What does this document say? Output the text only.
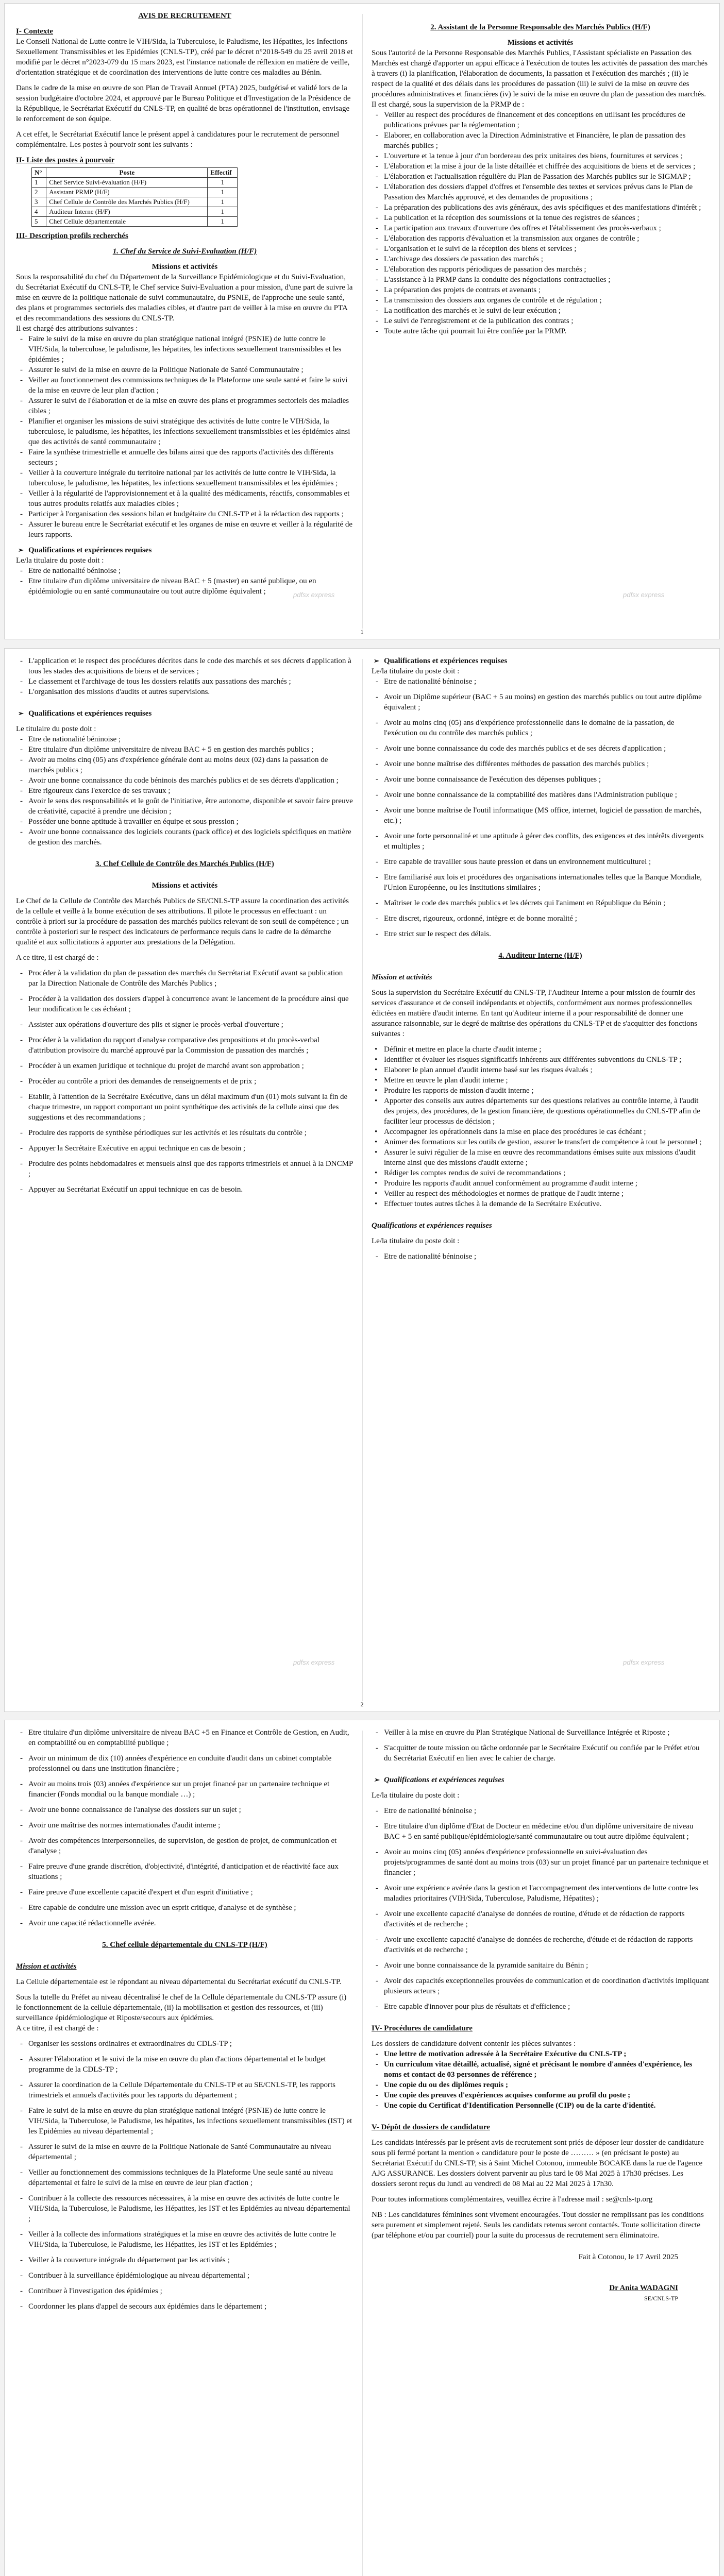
AVIS DE RECRUTEMENT

I- Contexte

Le Conseil National de Lutte contre le VIH/Sida, la Tuberculose, le Paludisme, les Hépatites, les Infections Sexuellement Transmissibles et les Epidémies (CNLS-TP), créé par le décret n°2018-549 du 25 avril 2018 et modifié par le décret n°2023-079 du 15 mars 2023, est l'instance nationale de réflexion en matière de veille, d'orientation stratégique et de coordination des interventions de lutte contre ces maladies au Bénin.

Dans le cadre de la mise en œuvre de son Plan de Travail Annuel (PTA) 2025, budgétisé et validé lors de la session budgétaire d'octobre 2024, et approuvé par le Bureau Politique et d'Investigation de la Présidence de la République, le Secrétariat Exécutif du CNLS-TP, en qualité de bras opérationnel de l'institution, envisage le renforcement de son équipe.

A cet effet, le Secrétariat Exécutif lance le présent appel à candidatures pour le recrutement de personnel complémentaire. Les postes à pourvoir sont les suivants :

II- Liste des postes à pourvoir

N°	Poste	Effectif
1	Chef Service Suivi-évaluation (H/F)	1
2	Assistant PRMP (H/F)	1
3	Chef Cellule de Contrôle des Marchés Publics (H/F)	1
4	Auditeur Interne (H/F)	1
5	Chef Cellule départementale	1

III- Description profils recherchés

1. Chef du Service de Suivi-Evaluation (H/F)

Missions et activités

Sous la responsabilité du chef du Département de la Surveillance Epidémiologique et du Suivi-Evaluation, du Secrétariat Exécutif du CNLS-TP, le Chef service Suivi-Evaluation a pour mission, d'une part de suivre la mise en œuvre de la politique nationale de suivi communautaire, du PSNIE, de l'approche une seule santé, des plans et programmes sectoriels des maladies cibles, et d'autre part de veiller à la mise en œuvre du PTA et des recommandations des sessions du CNLS-TP.

Il est chargé des attributions suivantes :

- Faire le suivi de la mise en œuvre du plan stratégique national intégré (PSNIE) de lutte contre le VIH/Sida, la tuberculose, le paludisme, les hépatites, les infections sexuellement transmissibles et les épidémies ;

- Assurer le suivi de la mise en œuvre de la Politique Nationale de Santé Communautaire ;

- Veiller au fonctionnement des commissions techniques de la Plateforme une seule santé et faire le suivi de la mise en œuvre de leur plan d'action ;

- Assurer le suivi de l'élaboration et de la mise en œuvre des plans et programmes sectoriels des maladies cibles ;

- Planifier et organiser les missions de suivi stratégique des activités de lutte contre le VIH/Sida, la tuberculose, le paludisme, les hépatites, les infections sexuellement transmissibles et les épidémies ainsi que des activités de santé communautaire ;

- Faire la synthèse trimestrielle et annuelle des bilans ainsi que des rapports d'activités des différents secteurs ;

- Veiller à la couverture intégrale du territoire national par les activités de lutte contre le VIH/Sida, la tuberculose, le paludisme, les hépatites, les infections sexuellement transmissibles et les épidémies ;

- Veiller à la régularité de l'approvisionnement et à la qualité des médicaments, réactifs, consommables et tous autres produits relatifs aux maladies cibles ;

- Participer à l'organisation des sessions bilan et budgétaire du CNLS-TP et à la rédaction des rapports ;

- Assurer le bureau entre le Secrétariat exécutif et les organes de mise en œuvre et veiller à la régularité de leurs rapports.

➢ Qualifications et expériences requises

Le/la titulaire du poste doit :

- Etre de nationalité béninoise ;

- Etre titulaire d'un diplôme universitaire de niveau BAC + 5 (master) en santé publique, ou en épidémiologie ou en santé communautaire ou tout autre diplôme équivalent ;

2. Assistant de la Personne Responsable des Marchés Publics (H/F)

Missions et activités

Sous l'autorité de la Personne Responsable des Marchés Publics, l'Assistant spécialiste en Passation des Marchés est chargé d'apporter un appui efficace à l'exécution de toutes les activités de passation des marchés à travers (i) la planification, l'élaboration de documents, la passation et l'exécution des marchés ; (ii) le respect de la qualité et des délais dans les procédures de passation (iii) le suivi de la mise en œuvre des procédures administratives et financières (iv) le suivi de la mise en œuvre du plan de passation des marchés.

Il est chargé, sous la supervision de la PRMP de :

- Veiller au respect des procédures de financement et des conceptions en utilisant les procédures de publications prévues par la réglementation ;

- Elaborer, en collaboration avec la Direction Administrative et Financière, le plan de passation des marchés publics ;

- L'ouverture et la tenue à jour d'un bordereau des prix unitaires des biens, fournitures et services ;

- L'élaboration et la mise à jour de la liste détaillée et chiffrée des acquisitions de biens et de services ;

- L'élaboration et l'actualisation régulière du Plan de Passation des Marchés publics sur le SIGMAP ;

- L'élaboration des dossiers d'appel d'offres et l'ensemble des textes et services prévus dans le Plan de Passation des Marchés approuvé, et des demandes de propositions ;

- La préparation des publications des avis généraux, des avis spécifiques et des manifestations d'intérêt ;

- La publication et la réception des soumissions et la tenue des registres de séances ;

- La participation aux travaux d'ouverture des offres et l'établissement des procès-verbaux ;

- L'élaboration des rapports d'évaluation et la transmission aux organes de contrôle ;

- L'organisation et le suivi de la réception des biens et services ;

- L'archivage des dossiers de passation des marchés ;

- L'élaboration des rapports périodiques de passation des marchés ;

- L'assistance à la PRMP dans la conduite des négociations contractuelles ;

- La préparation des projets de contrats et avenants ;

- La transmission des dossiers aux organes de contrôle et de régulation ;

- La notification des marchés et le suivi de leur exécution ;

- Le suivi de l'enregistrement et de la publication des contrats ;

- Toute autre tâche qui pourrait lui être confiée par la PRMP.

pdfsx express	pdfsx express
1

- L'application et le respect des procédures décrites dans le code des marchés et ses décrets d'application à tous les stades des acquisitions de biens et de services ;

- Le classement et l'archivage de tous les dossiers relatifs aux passations des marchés ;

- L'organisation des missions d'audits et autres supervisions.

➢ Qualifications et expériences requises

Le titulaire du poste doit :

- Etre de nationalité béninoise ;

- Etre titulaire d'un diplôme universitaire de niveau BAC + 5 en gestion des marchés publics ;

- Avoir au moins cinq (05) ans d'expérience générale dont au moins deux (02) dans la passation de marchés publics ;

- Avoir une bonne connaissance du code béninois des marchés publics et de ses décrets d'application ;

- Etre rigoureux dans l'exercice de ses travaux ;

- Avoir le sens des responsabilités et le goût de l'initiative, être autonome, disponible et savoir faire preuve de créativité, capacité à prendre une décision ;

- Posséder une bonne aptitude à travailler en équipe et sous pression ;

- Avoir une bonne connaissance des logiciels courants (pack office) et des logiciels spécifiques en matière de gestion des marchés.

3. Chef Cellule de Contrôle des Marchés Publics (H/F)

Missions et activités

Le Chef de la Cellule de Contrôle des Marchés Publics de SE/CNLS-TP assure la coordination des activités de la cellule et veille à la bonne exécution de ses attributions. Il pilote le processus en effectuant : un contrôle à priori sur la procédure de passation des marchés publics relevant de son seuil de compétence ; un contrôle à posteriori sur le respect des indicateurs de performance requis dans le cadre de la démarche qualité et aux sollicitations à apporter aux prestations de la Délégation.

A ce titre, il est chargé de :

- Procéder à la validation du plan de passation des marchés du Secrétariat Exécutif avant sa publication par la Direction Nationale de Contrôle des Marchés Publics ;

- Procéder à la validation des dossiers d'appel à concurrence avant le lancement de la procédure ainsi que leur modification le cas échéant ;

- Assister aux opérations d'ouverture des plis et signer le procès-verbal d'ouverture ;

- Procéder à la validation du rapport d'analyse comparative des propositions et du procès-verbal d'attribution provisoire du marché approuvé par la Commission de passation des marchés ;

- Procéder à un examen juridique et technique du projet de marché avant son approbation ;

- Procéder au contrôle a priori des demandes de renseignements et de prix ;

- Etablir, à l'attention de la Secrétaire Exécutive, dans un délai maximum d'un (01) mois suivant la fin de chaque trimestre, un rapport comportant un point synthétique des activités de la cellule ainsi que des suggestions et des recommandations ;

- Produire des rapports de synthèse périodiques sur les activités et les résultats du contrôle ;

- Appuyer la Secrétaire Exécutive en appui technique en cas de besoin ;

- Produire des points hebdomadaires et mensuels ainsi que des rapports trimestriels et annuel à la DNCMP ;

- Appuyer au Secrétariat Exécutif un appui technique en cas de besoin.

➢ Qualifications et expériences requises

Le/la titulaire du poste doit :

- Etre de nationalité béninoise ;

- Avoir un Diplôme supérieur (BAC + 5 au moins) en gestion des marchés publics ou tout autre diplôme équivalent ;

- Avoir au moins cinq (05) ans d'expérience professionnelle dans le domaine de la passation, de l'exécution ou du contrôle des marchés publics ;

- Avoir une bonne connaissance du code des marchés publics et de ses décrets d'application ;

- Avoir une bonne maîtrise des différentes méthodes de passation des marchés publics ;

- Avoir une bonne connaissance de l'exécution des dépenses publiques ;

- Avoir une bonne connaissance de la comptabilité des matières dans l'Administration publique ;

- Avoir une bonne maîtrise de l'outil informatique (MS office, internet, logiciel de passation de marchés, etc.) ;

- Avoir une forte personnalité et une aptitude à gérer des conflits, des exigences et des intérêts divergents et multiples ;

- Etre capable de travailler sous haute pression et dans un environnement multiculturel ;

- Etre familiarisé aux lois et procédures des organisations internationales telles que la Banque Mondiale, l'Union Européenne, ou les Institutions similaires ;

- Maîtriser le code des marchés publics et les décrets qui l'animent en République du Bénin ;

- Etre discret, rigoureux, ordonné, intègre et de bonne moralité ;

- Etre strict sur le respect des délais.

4. Auditeur Interne (H/F)

Mission et activités

Sous la supervision du Secrétaire Exécutif du CNLS-TP, l'Auditeur Interne a pour mission de fournir des services d'assurance et de conseil indépendants et objectifs, conformément aux normes professionnelles édictées en matière d'audit interne. En tant qu'Auditeur interne il a pour responsabilité de donner une assurance raisonnable, sur le degré de maîtrise des opérations du CNLS-TP et de s'acquitter des fonctions suivantes :

• Définir et mettre en place la charte d'audit interne ;

• Identifier et évaluer les risques significatifs inhérents aux différentes subventions du CNLS-TP ;

• Elaborer le plan annuel d'audit interne basé sur les risques évalués ;

• Mettre en œuvre le plan d'audit interne ;

• Produire les rapports de mission d'audit interne ;

• Apporter des conseils aux autres départements sur des questions relatives au contrôle interne, à l'audit des projets, des procédures, de la gestion financière, de questions opérationnelles du CNLS-TP afin de faciliter leur processus de décision ;

• Accompagner les opérationnels dans la mise en place des procédures le cas échéant ;

• Animer des formations sur les outils de gestion, assurer le transfert de compétence à tout le personnel ;

• Assurer le suivi régulier de la mise en œuvre des recommandations émises suite aux missions d'audit interne ainsi que des missions d'audit externe ;

• Rédiger les comptes rendus de suivi de recommandations ;

• Produire les rapports d'audit annuel conformément au programme d'audit interne ;

• Veiller au respect des méthodologies et normes de pratique de l'audit interne ;

• Effectuer toutes autres tâches à la demande de la Secrétaire Exécutive.

Qualifications et expériences requises

Le/la titulaire du poste doit :

- Etre de nationalité béninoise ;

pdfsx express	pdfsx express
2

- Etre titulaire d'un diplôme universitaire de niveau BAC +5 en Finance et Contrôle de Gestion, en Audit, en comptabilité ou en comptabilité publique ;

- Avoir un minimum de dix (10) années d'expérience en conduite d'audit dans un cabinet comptable professionnel ou dans une institution financière ;

- Avoir au moins trois (03) années d'expérience sur un projet financé par un partenaire technique et financier (Fonds mondial ou la banque mondiale …) ;

- Avoir une bonne connaissance de l'analyse des dossiers sur un sujet ;

- Avoir une maîtrise des normes internationales d'audit interne ;

- Avoir des compétences interpersonnelles, de supervision, de gestion de projet, de communication et d'analyse ;

- Faire preuve d'une grande discrétion, d'objectivité, d'intégrité, d'anticipation et de réactivité face aux situations ;

- Faire preuve d'une excellente capacité d'expert et d'un esprit d'initiative ;

- Etre capable de conduire une mission avec un esprit critique, d'analyse et de synthèse ;

- Avoir une capacité rédactionnelle avérée.

5. Chef cellule départementale du CNLS-TP (H/F)

Mission et activités

La Cellule départementale est le répondant au niveau départemental du Secrétariat exécutif du CNLS-TP.

Sous la tutelle du Préfet au niveau décentralisé le chef de la Cellule départementale du CNLS-TP assure (i) le fonctionnement de la cellule départementale, (ii) la mobilisation et gestion des ressources, et (iii) surveillance épidémiologique et Riposte/secours aux épidémies.

A ce titre, il est chargé de :

- Organiser les sessions ordinaires et extraordinaires du CDLS-TP ;

- Assurer l'élaboration et le suivi de la mise en œuvre du plan d'actions départemental et le budget programme de la CDLS-TP ;

- Assurer la coordination de la Cellule Départementale du CNLS-TP et au SE/CNLS-TP, les rapports trimestriels et annuels d'activités pour les rapports du département ;

- Faire le suivi de la mise en œuvre du plan stratégique national intégré (PSNIE) de lutte contre le VIH/Sida, la Tuberculose, le Paludisme, les hépatites, les infections sexuellement transmissibles (IST) et les Epidémies au niveau départemental ;

- Assurer le suivi de la mise en œuvre de la Politique Nationale de Santé Communautaire au niveau départemental ;

- Veiller au fonctionnement des commissions techniques de la Plateforme Une seule santé au niveau départemental et faire le suivi de la mise en œuvre de leur plan d'action ;

- Contribuer à la collecte des ressources nécessaires, à la mise en œuvre des activités de lutte contre le VIH/Sida, la Tuberculose, le Paludisme, les Hépatites, les IST et les Epidémies au niveau départemental ;

- Veiller à la collecte des informations stratégiques et la mise en œuvre des activités de lutte contre le VIH/Sida, la Tuberculose, le Paludisme, les Hépatites, les IST et les Epidémies ;

- Veiller à la couverture intégrale du département par les activités ;

- Contribuer à la surveillance épidémiologique au niveau départemental ;

- Contribuer à l'investigation des épidémies ;

- Coordonner les plans d'appel de secours aux épidémies dans le département ;

- Veiller à la mise en œuvre du Plan Stratégique National de Surveillance Intégrée et Riposte ;

- S'acquitter de toute mission ou tâche ordonnée par le Secrétaire Exécutif ou confiée par le Préfet et/ou du Secrétariat Exécutif en lien avec le cahier de charge.

➢ Qualifications et expériences requises

Le/la titulaire du poste doit :

- Etre de nationalité béninoise ;

- Etre titulaire d'un diplôme d'Etat de Docteur en médecine et/ou d'un diplôme universitaire de niveau BAC + 5 en santé publique/épidémiologie/santé communautaire ou tout autre diplôme équivalent ;

- Avoir au moins cinq (05) années d'expérience professionnelle en suivi-évaluation des projets/programmes de santé dont au moins trois (03) sur un projet financé par un partenaire technique et financier ;

- Avoir une expérience avérée dans la gestion et l'accompagnement des interventions de lutte contre les maladies prioritaires (VIH/Sida, Tuberculose, Paludisme, Hépatites) ;

- Avoir une excellente capacité d'analyse de données de routine, d'étude et de rédaction de rapports d'activités et de recherche ;

- Avoir une excellente capacité d'analyse de données de recherche, d'étude et de rédaction de rapports d'activités et de recherche ;

- Avoir une bonne connaissance de la pyramide sanitaire du Bénin ;

- Avoir des capacités exceptionnelles prouvées de communication et de coordination d'activités impliquant plusieurs acteurs ;

- Etre capable d'innover pour plus de résultats et d'efficience ;

IV- Procédures de candidature

Les dossiers de candidature doivent contenir les pièces suivantes :

- Une lettre de motivation adressée à la Secrétaire Exécutive du CNLS-TP ;

- Un curriculum vitae détaillé, actualisé, signé et précisant le nombre d'années d'expérience, les noms et contact de 03 personnes de référence ;

- Une copie du ou des diplômes requis ;

- Une copie des preuves d'expériences acquises conforme au profil du poste ;

- Une copie du Certificat d'Identification Personnelle (CIP) ou de la carte d'identité.

V- Dépôt de dossiers de candidature

Les candidats intéressés par le présent avis de recrutement sont priés de déposer leur dossier de candidature sous pli fermé portant la mention « candidature pour le poste de ……… » (en précisant le poste) au Secrétariat Exécutif du CNLS-TP, sis à Saint Michel Cotonou, immeuble BOCAKE dans la rue de l'agence AJG ASSURANCE. Les dossiers doivent parvenir au plus tard le 08 Mai 2025 à 17h30 précises. Les dossiers seront reçus du lundi au vendredi de 08 Mai au 22 Mai 2025 à 17h30.

Pour toutes informations complémentaires, veuillez écrire à l'adresse mail : se@cnls-tp.org

NB : Les candidatures féminines sont vivement encouragées. Tout dossier ne remplissant pas les conditions sera purement et simplement rejeté. Seuls les candidats retenus seront contactés. Toute sollicitation directe (par téléphone et/ou par courriel) pour la suite du processus de recrutement sera éliminatoire.

Fait à Cotonou, le 17 Avril 2025

Dr Anita WADAGNI

SE/CNLS-TP
